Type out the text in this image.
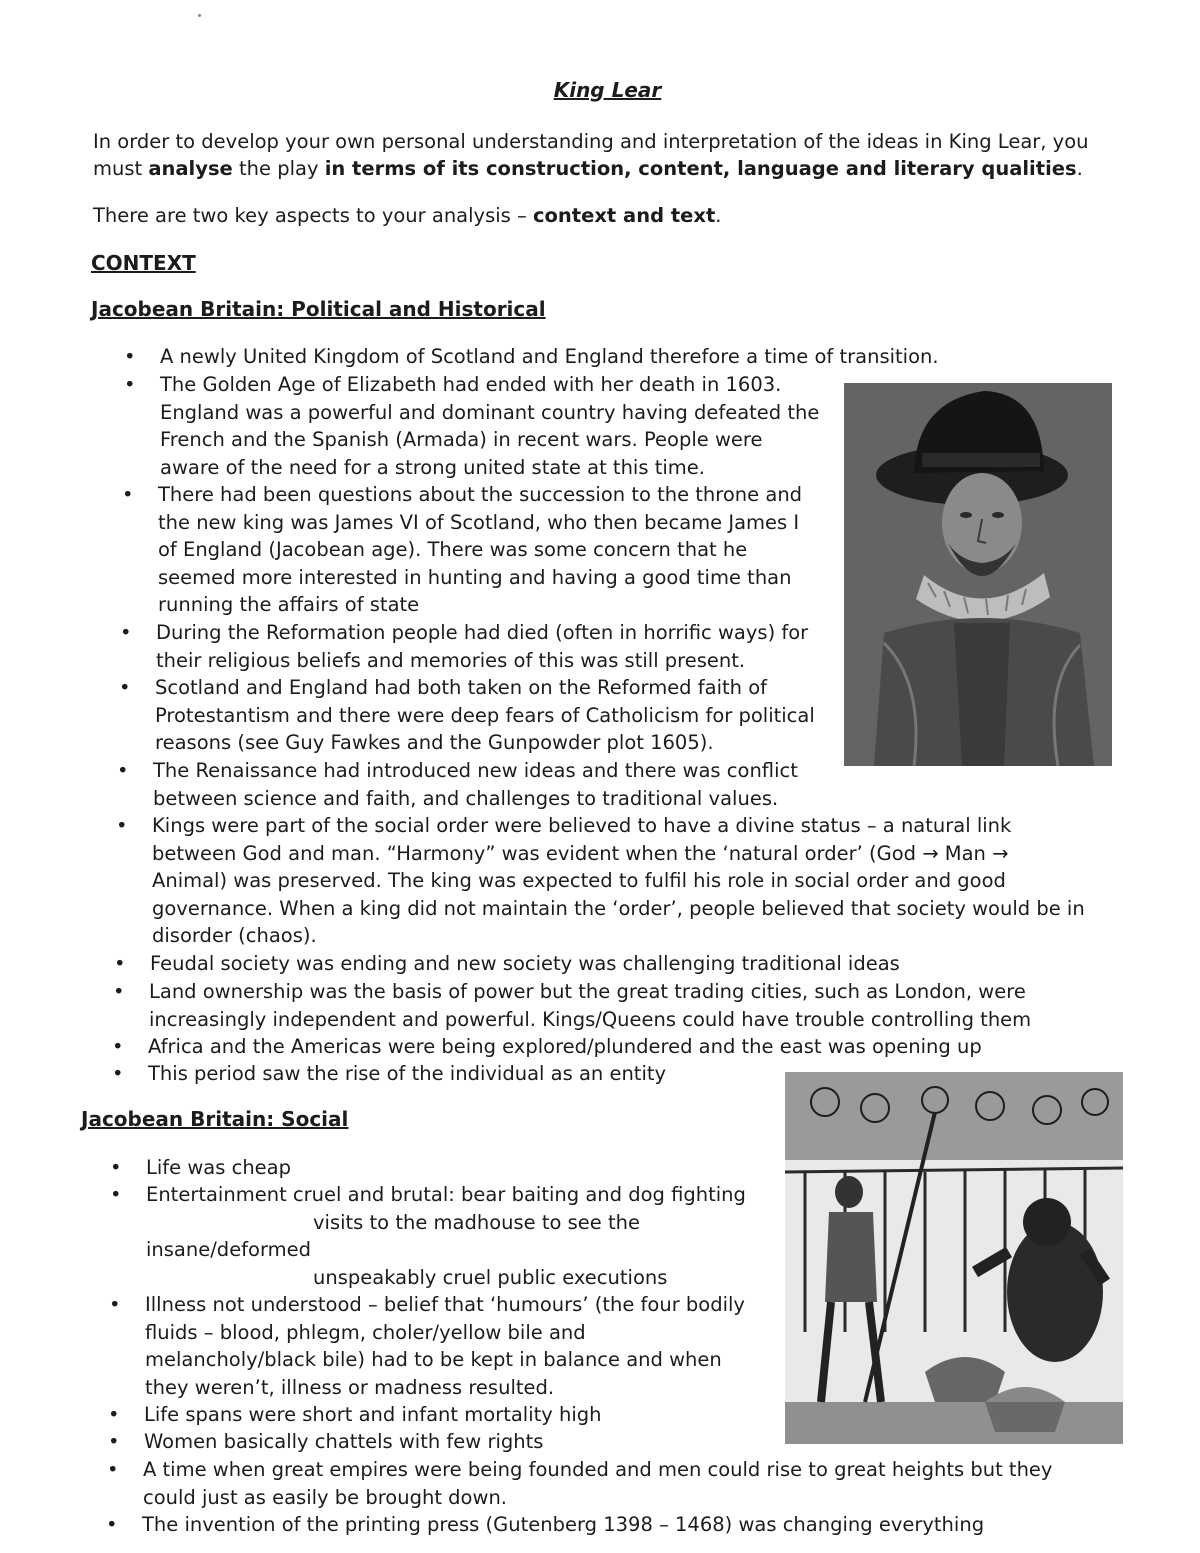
King Lear
In order to develop your own personal understanding and interpretation of the ideas in King Lear, you
must analyse the play in terms of its construction, content, language and literary qualities.
There are two key aspects to your analysis – context and text.
CONTEXT
Jacobean Britain: Political and Historical
• A newly United Kingdom of Scotland and England therefore a time of transition.
• The Golden Age of Elizabeth had ended with her death in 1603.
England was a powerful and dominant country having defeated the
French and the Spanish (Armada) in recent wars. People were
aware of the need for a strong united state at this time.
• There had been questions about the succession to the throne and
the new king was James VI of Scotland, who then became James I
of England (Jacobean age). There was some concern that he
seemed more interested in hunting and having a good time than
running the affairs of state
• During the Reformation people had died (often in horrific ways) for
their religious beliefs and memories of this was still present.
• Scotland and England had both taken on the Reformed faith of
Protestantism and there were deep fears of Catholicism for political
reasons (see Guy Fawkes and the Gunpowder plot 1605).
• The Renaissance had introduced new ideas and there was conflict
between science and faith, and challenges to traditional values.
• Kings were part of the social order were believed to have a divine status – a natural link
between God and man. “Harmony” was evident when the ‘natural order’ (God → Man →
Animal) was preserved. The king was expected to fulfil his role in social order and good
governance. When a king did not maintain the ‘order’, people believed that society would be in
disorder (chaos).
• Feudal society was ending and new society was challenging traditional ideas
• Land ownership was the basis of power but the great trading cities, such as London, were
increasingly independent and powerful. Kings/Queens could have trouble controlling them
• Africa and the Americas were being explored/plundered and the east was opening up
• This period saw the rise of the individual as an entity
Jacobean Britain: Social
• Life was cheap
• Entertainment cruel and brutal: bear baiting and dog fighting
visits to the madhouse to see the
insane/deformed
unspeakably cruel public executions
• Illness not understood – belief that ‘humours’ (the four bodily
fluids – blood, phlegm, choler/yellow bile and
melancholy/black bile) had to be kept in balance and when
they weren’t, illness or madness resulted.
• Life spans were short and infant mortality high
• Women basically chattels with few rights
• A time when great empires were being founded and men could rise to great heights but they
could just as easily be brought down.
• The invention of the printing press (Gutenberg 1398 – 1468) was changing everything
